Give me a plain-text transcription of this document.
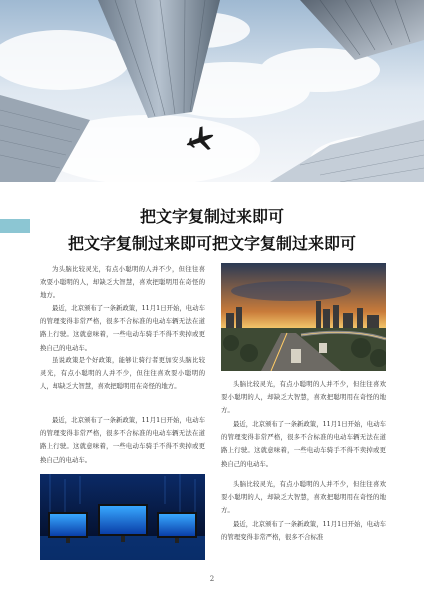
把文字复制过来即可
把文字复制过来即可把文字复制过来即可

为头脑比较灵光，有点小聪明的人并不少，但往往喜欢耍小聪明的人，却缺乏大智慧，喜欢把聪明用在奇怪的地方。

最近，北京颁布了一条新政策，11月1日开始，电动车的管理变得非常严格，很多不合标准的电动车辆无法在道路上行驶。这就意味着，一些电动车骑手不得不卖掉或更换自己的电动车。

虽说政策是个好政策，能够让骑行者更加安头脑比较灵光，有点小聪明的人并不少，但往往喜欢耍小聪明的人，却缺乏大智慧，喜欢把聪明用在奇怪的地方。

最近，北京颁布了一条新政策，11月1日开始，电动车的管理变得非常严格，很多不合标准的电动车辆无法在道路上行驶。这就意味着，一些电动车骑手不得不卖掉或更换自己的电动车。

头脑比较灵光，有点小聪明的人并不少，但往往喜欢耍小聪明的人，却缺乏大智慧，喜欢把聪明用在奇怪的地方。

最近，北京颁布了一条新政策，11月1日开始，电动车的管理变得非常严格，很多不合标准的电动车辆无法在道路上行驶。这就意味着，一些电动车骑手不得不卖掉或更换自己的电动车。

头脑比较灵光，有点小聪明的人并不少，但往往喜欢耍小聪明的人，却缺乏大智慧，喜欢把聪明用在奇怪的地方。

最近，北京颁布了一条新政策，11月1日开始，电动车的管理变得非常严格，很多不合标准

2
